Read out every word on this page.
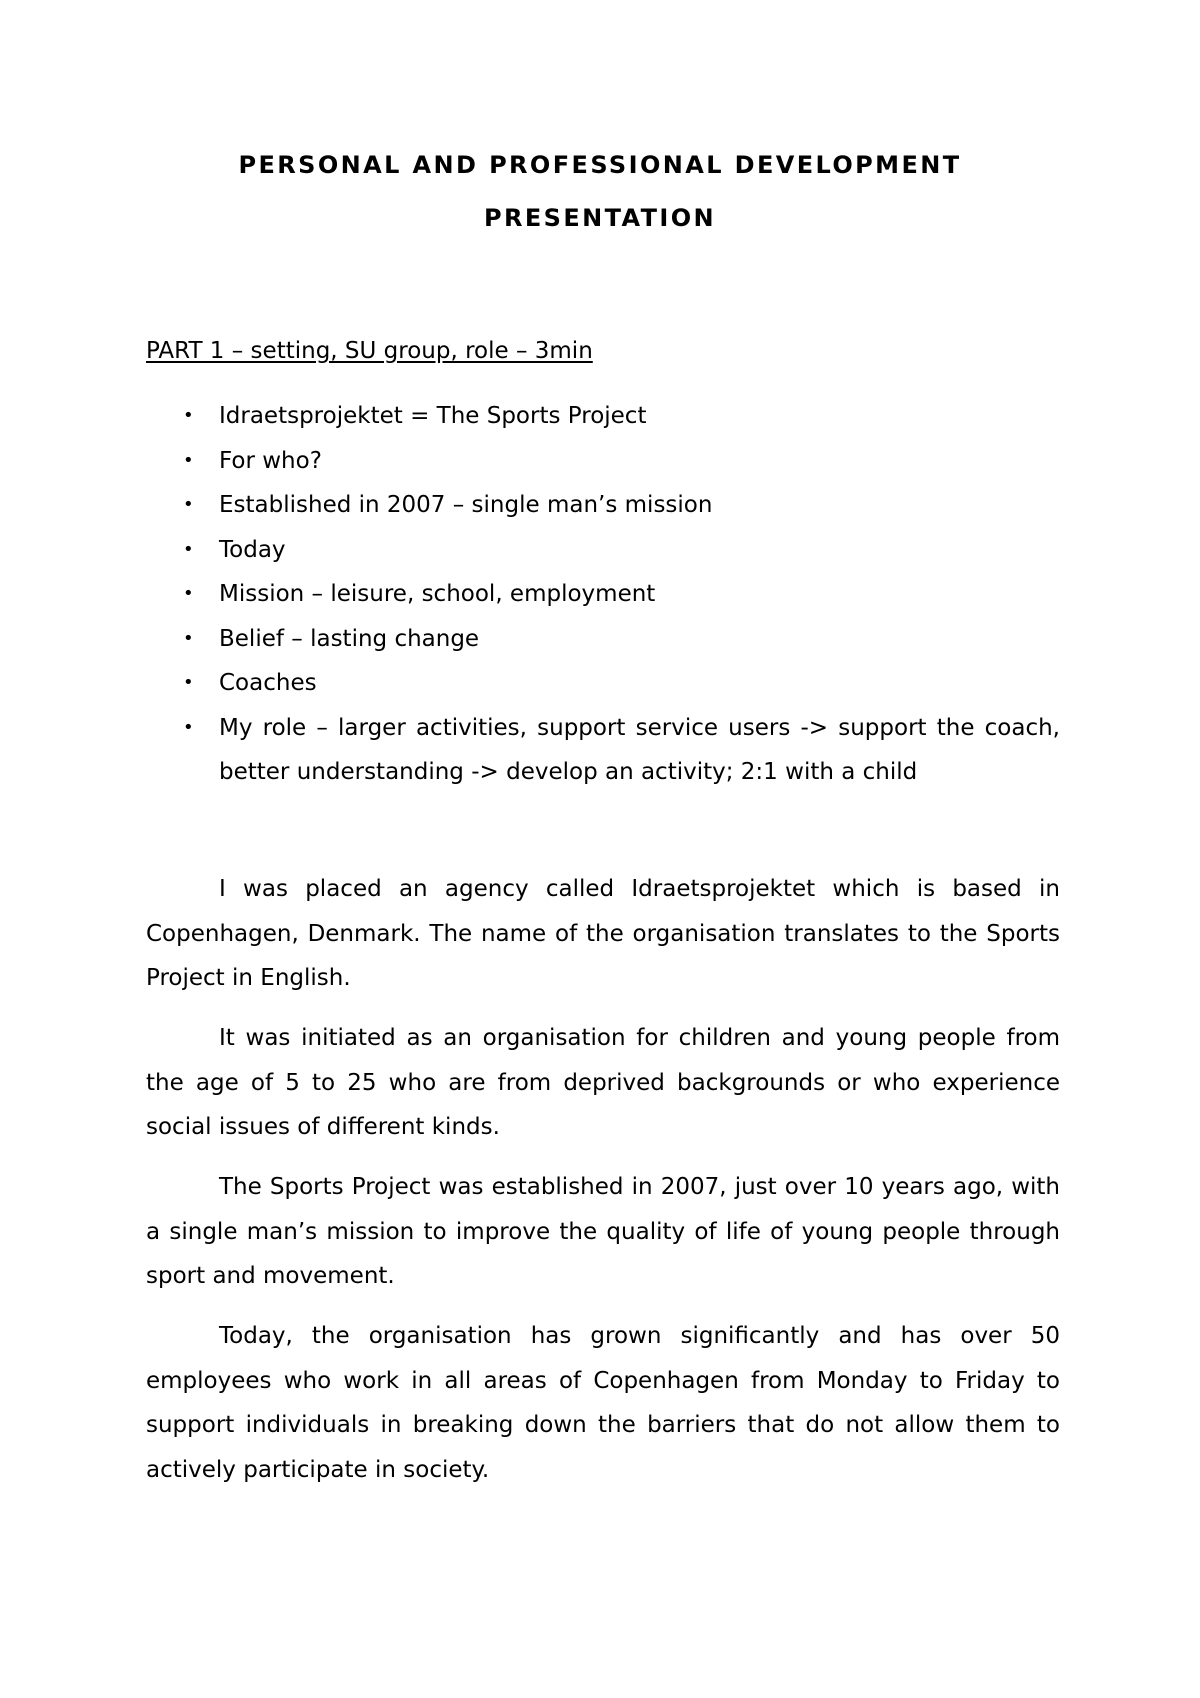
PERSONAL AND PROFESSIONAL DEVELOPMENT
PRESENTATION

PART 1 – setting, SU group, role – 3min

• Idraetsprojektet = The Sports Project
• For who?
• Established in 2007 – single man’s mission
• Today
• Mission – leisure, school, employment
• Belief – lasting change
• Coaches
• My role – larger activities, support service users -> support the coach, better understanding -> develop an activity; 2:1 with a child

I was placed an agency called Idraetsprojektet which is based in Copenhagen, Denmark. The name of the organisation translates to the Sports Project in English.

It was initiated as an organisation for children and young people from the age of 5 to 25 who are from deprived backgrounds or who experience social issues of different kinds.

The Sports Project was established in 2007, just over 10 years ago, with a single man’s mission to improve the quality of life of young people through sport and movement.

Today, the organisation has grown significantly and has over 50 employees who work in all areas of Copenhagen from Monday to Friday to support individuals in breaking down the barriers that do not allow them to actively participate in society.
